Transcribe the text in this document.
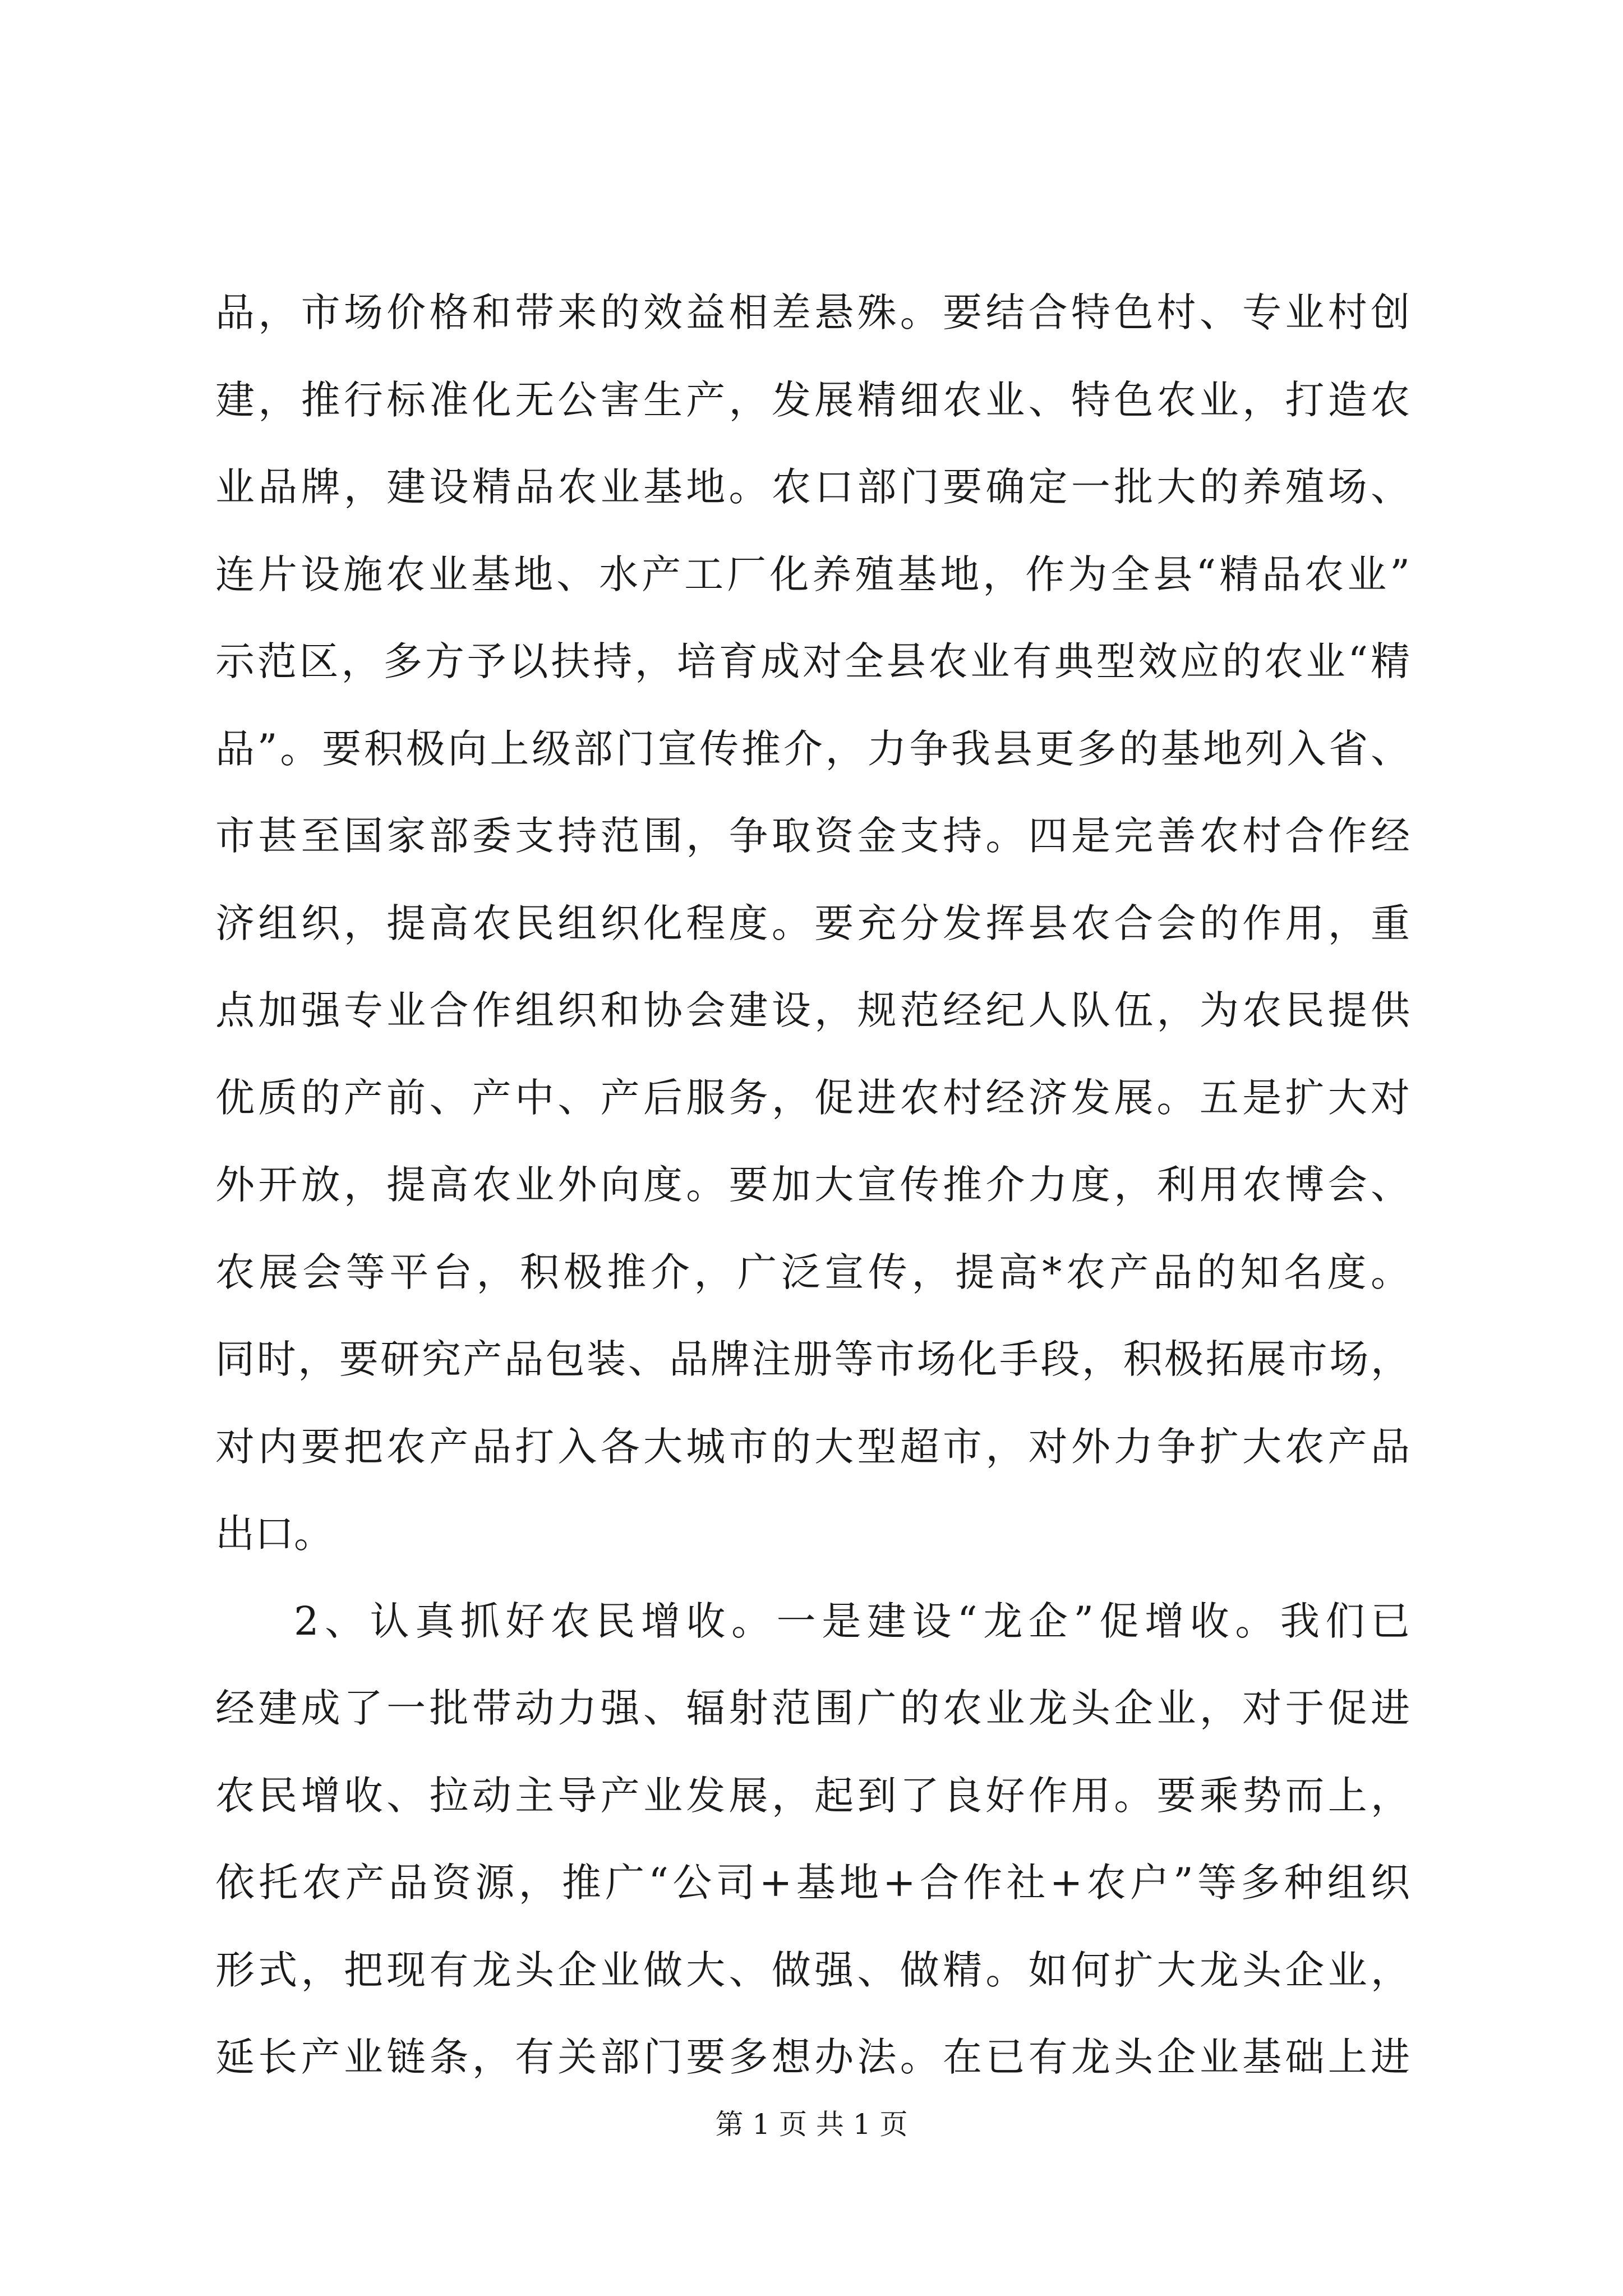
品，市场价格和带来的效益相差悬殊。要结合特色村、专业村创
建，推行标准化无公害生产，发展精细农业、特色农业，打造农
业品牌，建设精品农业基地。农口部门要确定一批大的养殖场、
连片设施农业基地、水产工厂化养殖基地，作为全县“精品农业”
示范区，多方予以扶持，培育成对全县农业有典型效应的农业“精
品”。要积极向上级部门宣传推介，力争我县更多的基地列入省、
市甚至国家部委支持范围，争取资金支持。四是完善农村合作经
济组织，提高农民组织化程度。要充分发挥县农合会的作用，重
点加强专业合作组织和协会建设，规范经纪人队伍，为农民提供
优质的产前、产中、产后服务，促进农村经济发展。五是扩大对
外开放，提高农业外向度。要加大宣传推介力度，利用农博会、
农展会等平台，积极推介，广泛宣传，提高*农产品的知名度。
同时，要研究产品包装、品牌注册等市场化手段，积极拓展市场，
对内要把农产品打入各大城市的大型超市，对外力争扩大农产品
出口。
2、认真抓好农民增收。一是建设“龙企”促增收。我们已
经建成了一批带动力强、辐射范围广的农业龙头企业，对于促进
农民增收、拉动主导产业发展，起到了良好作用。要乘势而上，
依托农产品资源，推广“公司+基地+合作社+农户”等多种组织
形式，把现有龙头企业做大、做强、做精。如何扩大龙头企业，
延长产业链条，有关部门要多想办法。在已有龙头企业基础上进
第 1 页 共 1 页
